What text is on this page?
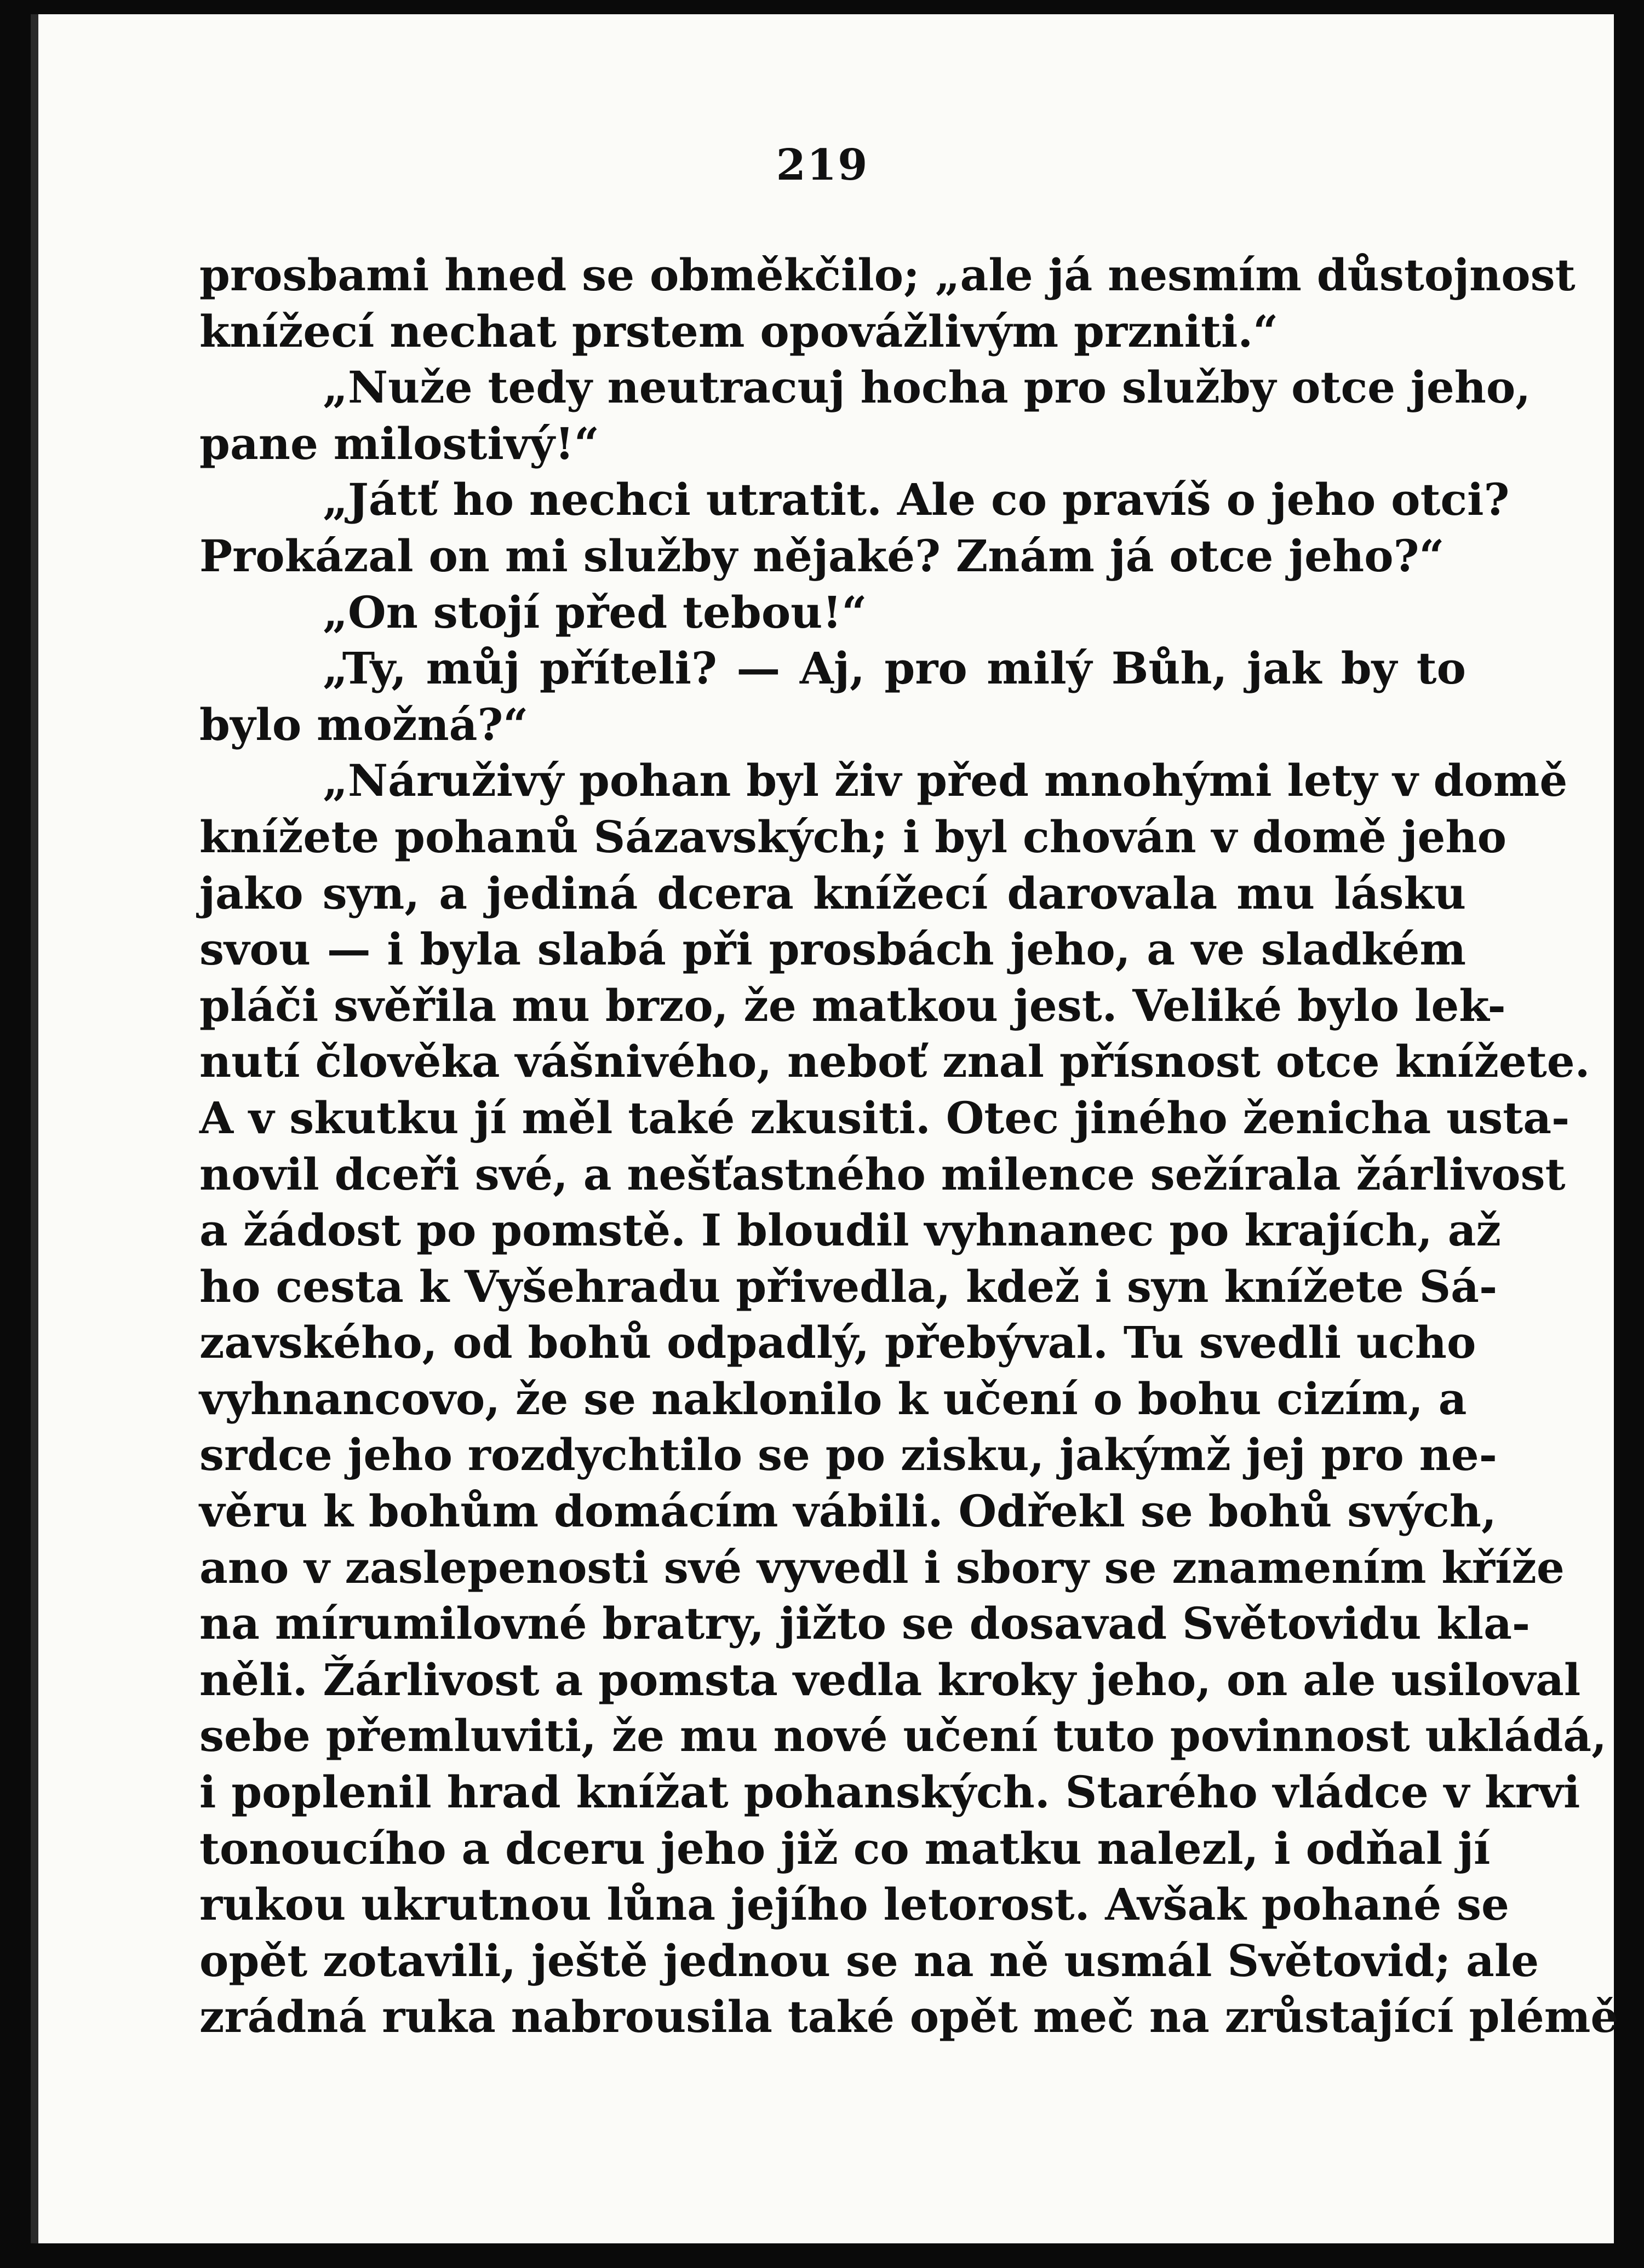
219
prosbami hned se obměkčilo; „ale já nesmím důstojnost
knížecí nechat prstem opovážlivým przniti.“
„Nuže tedy neutracuj hocha pro služby otce jeho,
pane milostivý!“
„Játť ho nechci utratit. Ale co pravíš o jeho otci?
Prokázal on mi služby nějaké? Znám já otce jeho?“
„On stojí před tebou!“
„Ty, můj příteli? — Aj, pro milý Bůh, jak by to
bylo možná?“
„Náruživý pohan byl živ před mnohými lety v domě
knížete pohanů Sázavských; i byl chován v domě jeho
jako syn, a jediná dcera knížecí darovala mu lásku
svou — i byla slabá při prosbách jeho, a ve sladkém
pláči svěřila mu brzo, že matkou jest. Veliké bylo lek-
nutí člověka vášnivého, neboť znal přísnost otce knížete.
A v skutku jí měl také zkusiti. Otec jiného ženicha usta-
novil dceři své, a nešťastného milence sežírala žárlivost
a žádost po pomstě. I bloudil vyhnanec po krajích, až
ho cesta k Vyšehradu přivedla, kdež i syn knížete Sá-
zavského, od bohů odpadlý, přebýval. Tu svedli ucho
vyhnancovo, že se naklonilo k učení o bohu cizím, a
srdce jeho rozdychtilo se po zisku, jakýmž jej pro ne-
věru k bohům domácím vábili. Odřekl se bohů svých,
ano v zaslepenosti své vyvedl i sbory se znamením kříže
na mírumilovné bratry, jižto se dosavad Světovidu kla-
něli. Žárlivost a pomsta vedla kroky jeho, on ale usiloval
sebe přemluviti, že mu nové učení tuto povinnost ukládá,
i poplenil hrad knížat pohanských. Starého vládce v krvi
tonoucího a dceru jeho již co matku nalezl, i odňal jí
rukou ukrutnou lůna jejího letorost. Avšak pohané se
opět zotavili, ještě jednou se na ně usmál Světovid; ale
zrádná ruka nabrousila také opět meč na zrůstající plémě
